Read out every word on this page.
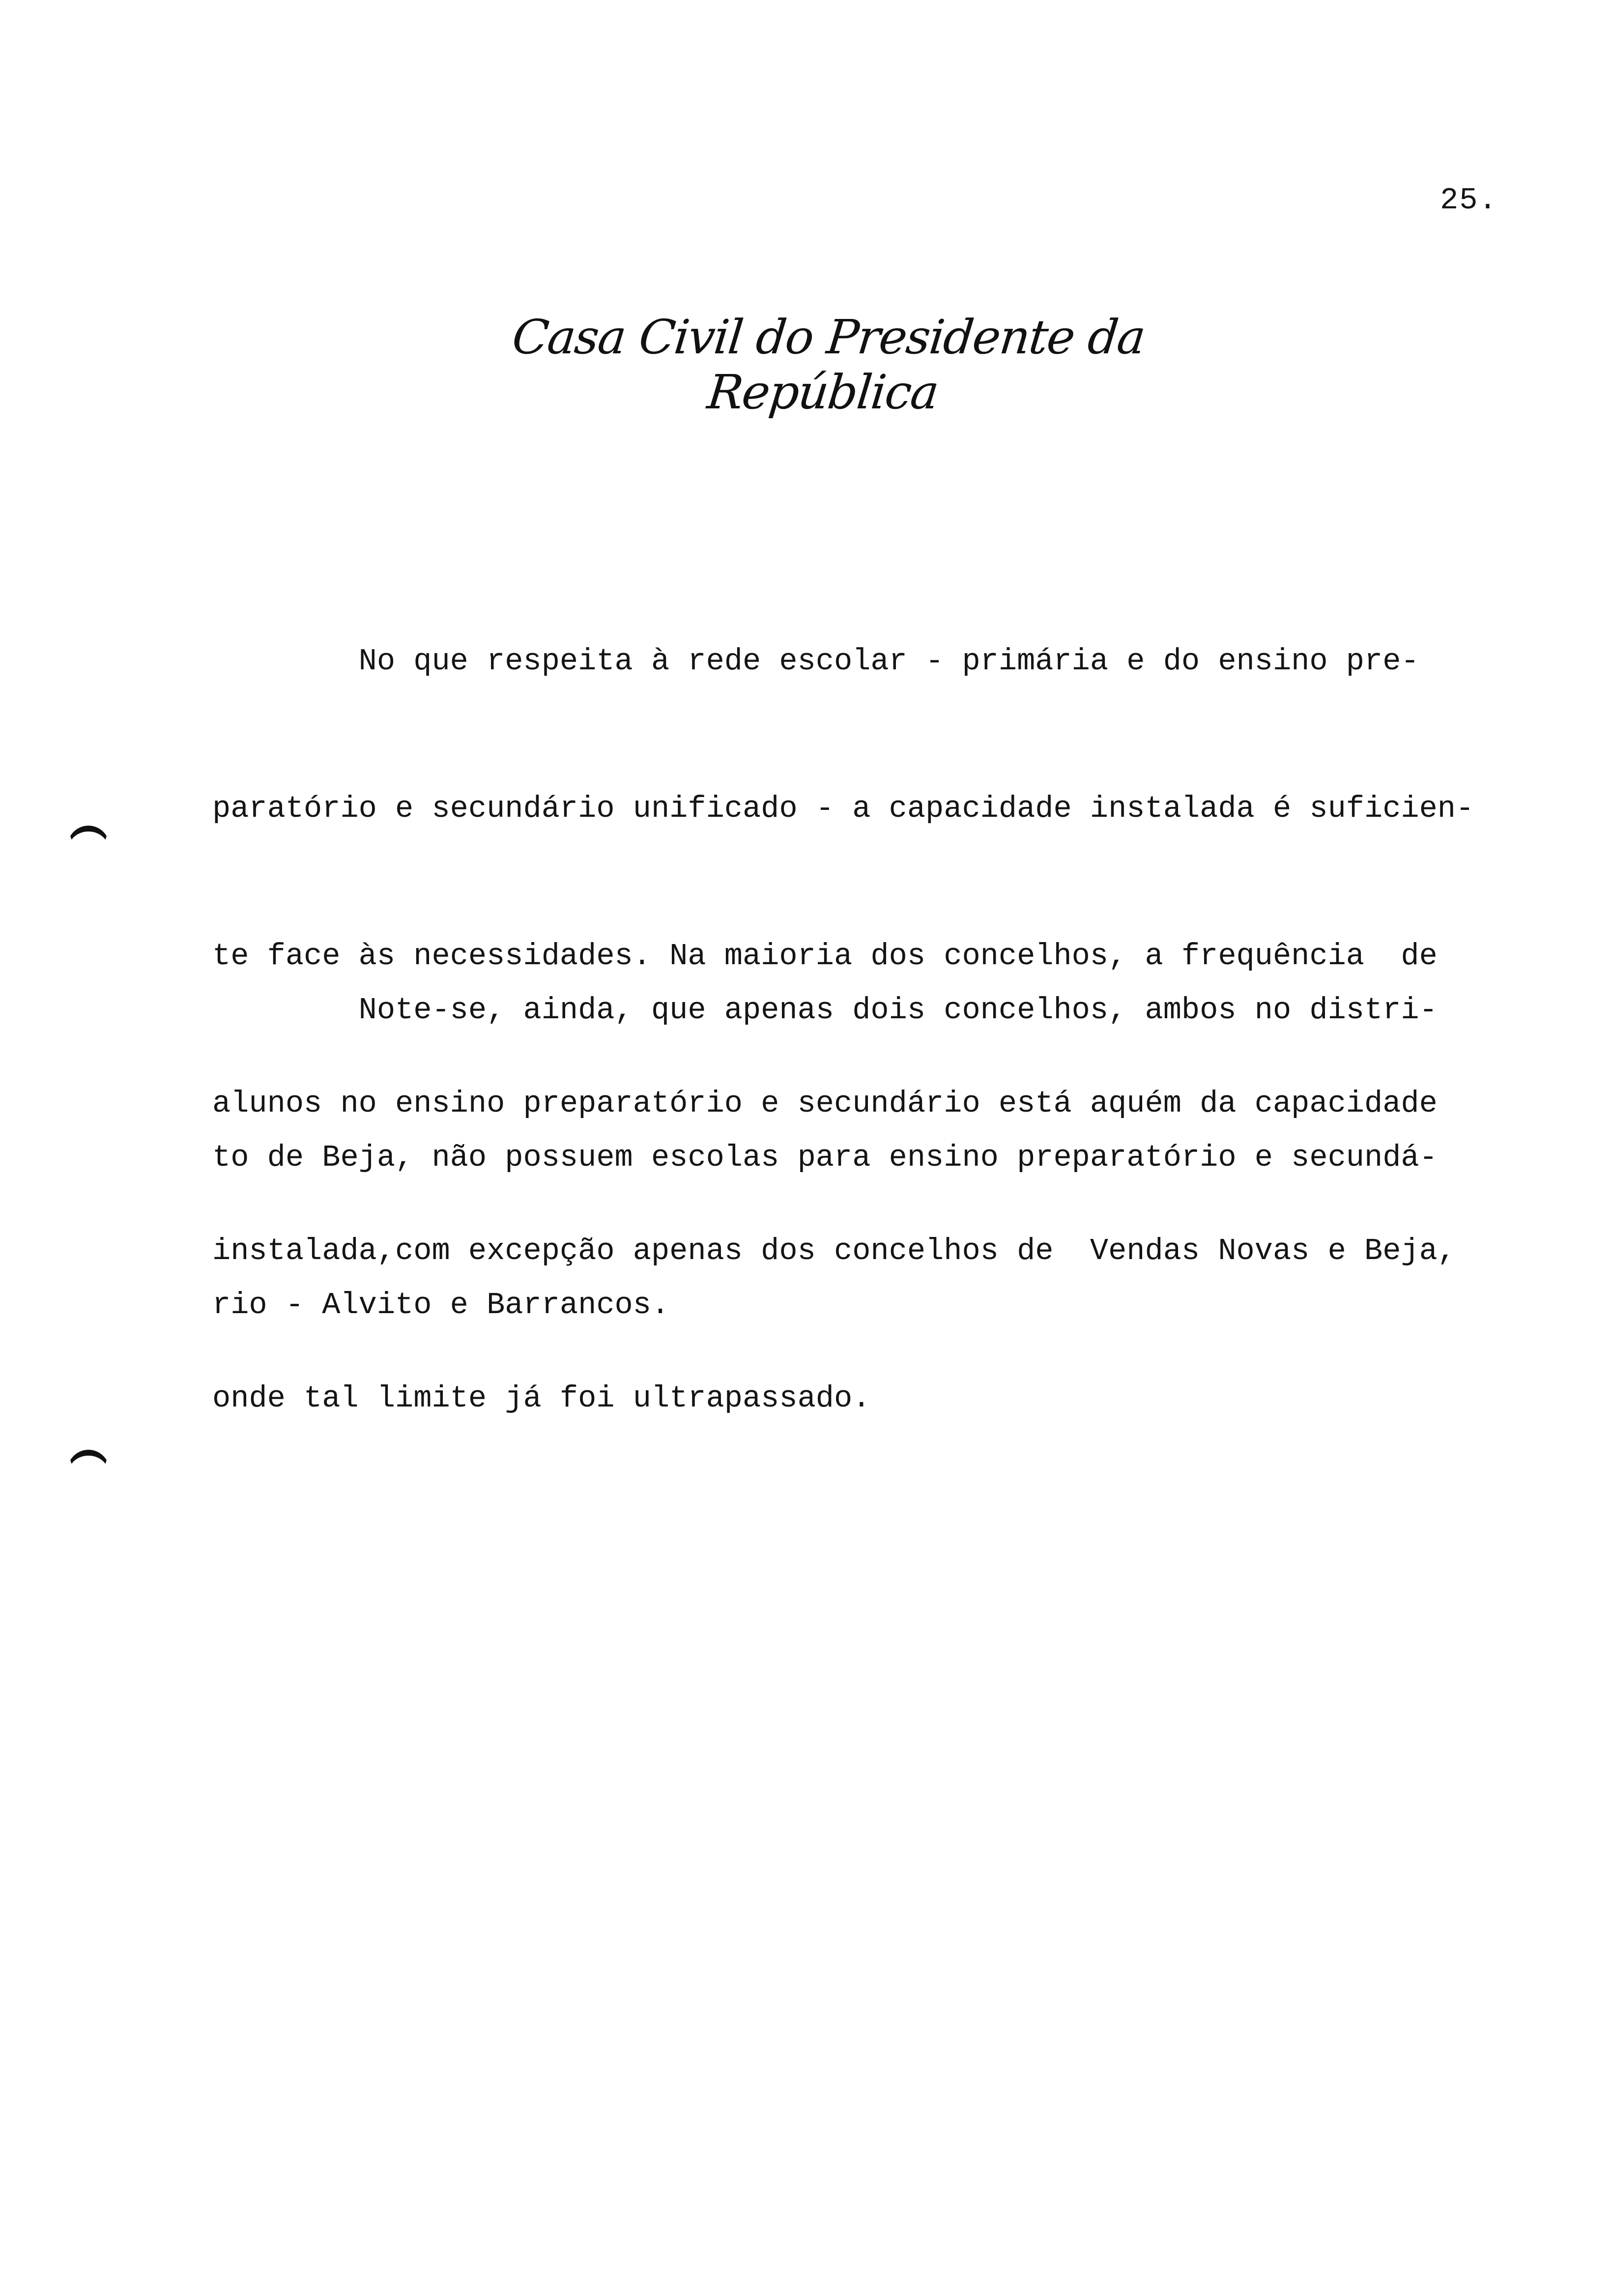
25.
Casa Civil do Presidente da República

No que respeita à rede escolar - primária e do ensino pre-

paratório e secundário unificado - a capacidade instalada é suficien-

te face às necessidades. Na maioria dos concelhos, a frequência  de

alunos no ensino preparatório e secundário está aquém da capacidade

instalada,com excepção apenas dos concelhos de  Vendas Novas e Beja,

onde tal limite já foi ultrapassado.

Note-se, ainda, que apenas dois concelhos, ambos no distri-

to de Beja, não possuem escolas para ensino preparatório e secundá-

rio - Alvito e Barrancos.
